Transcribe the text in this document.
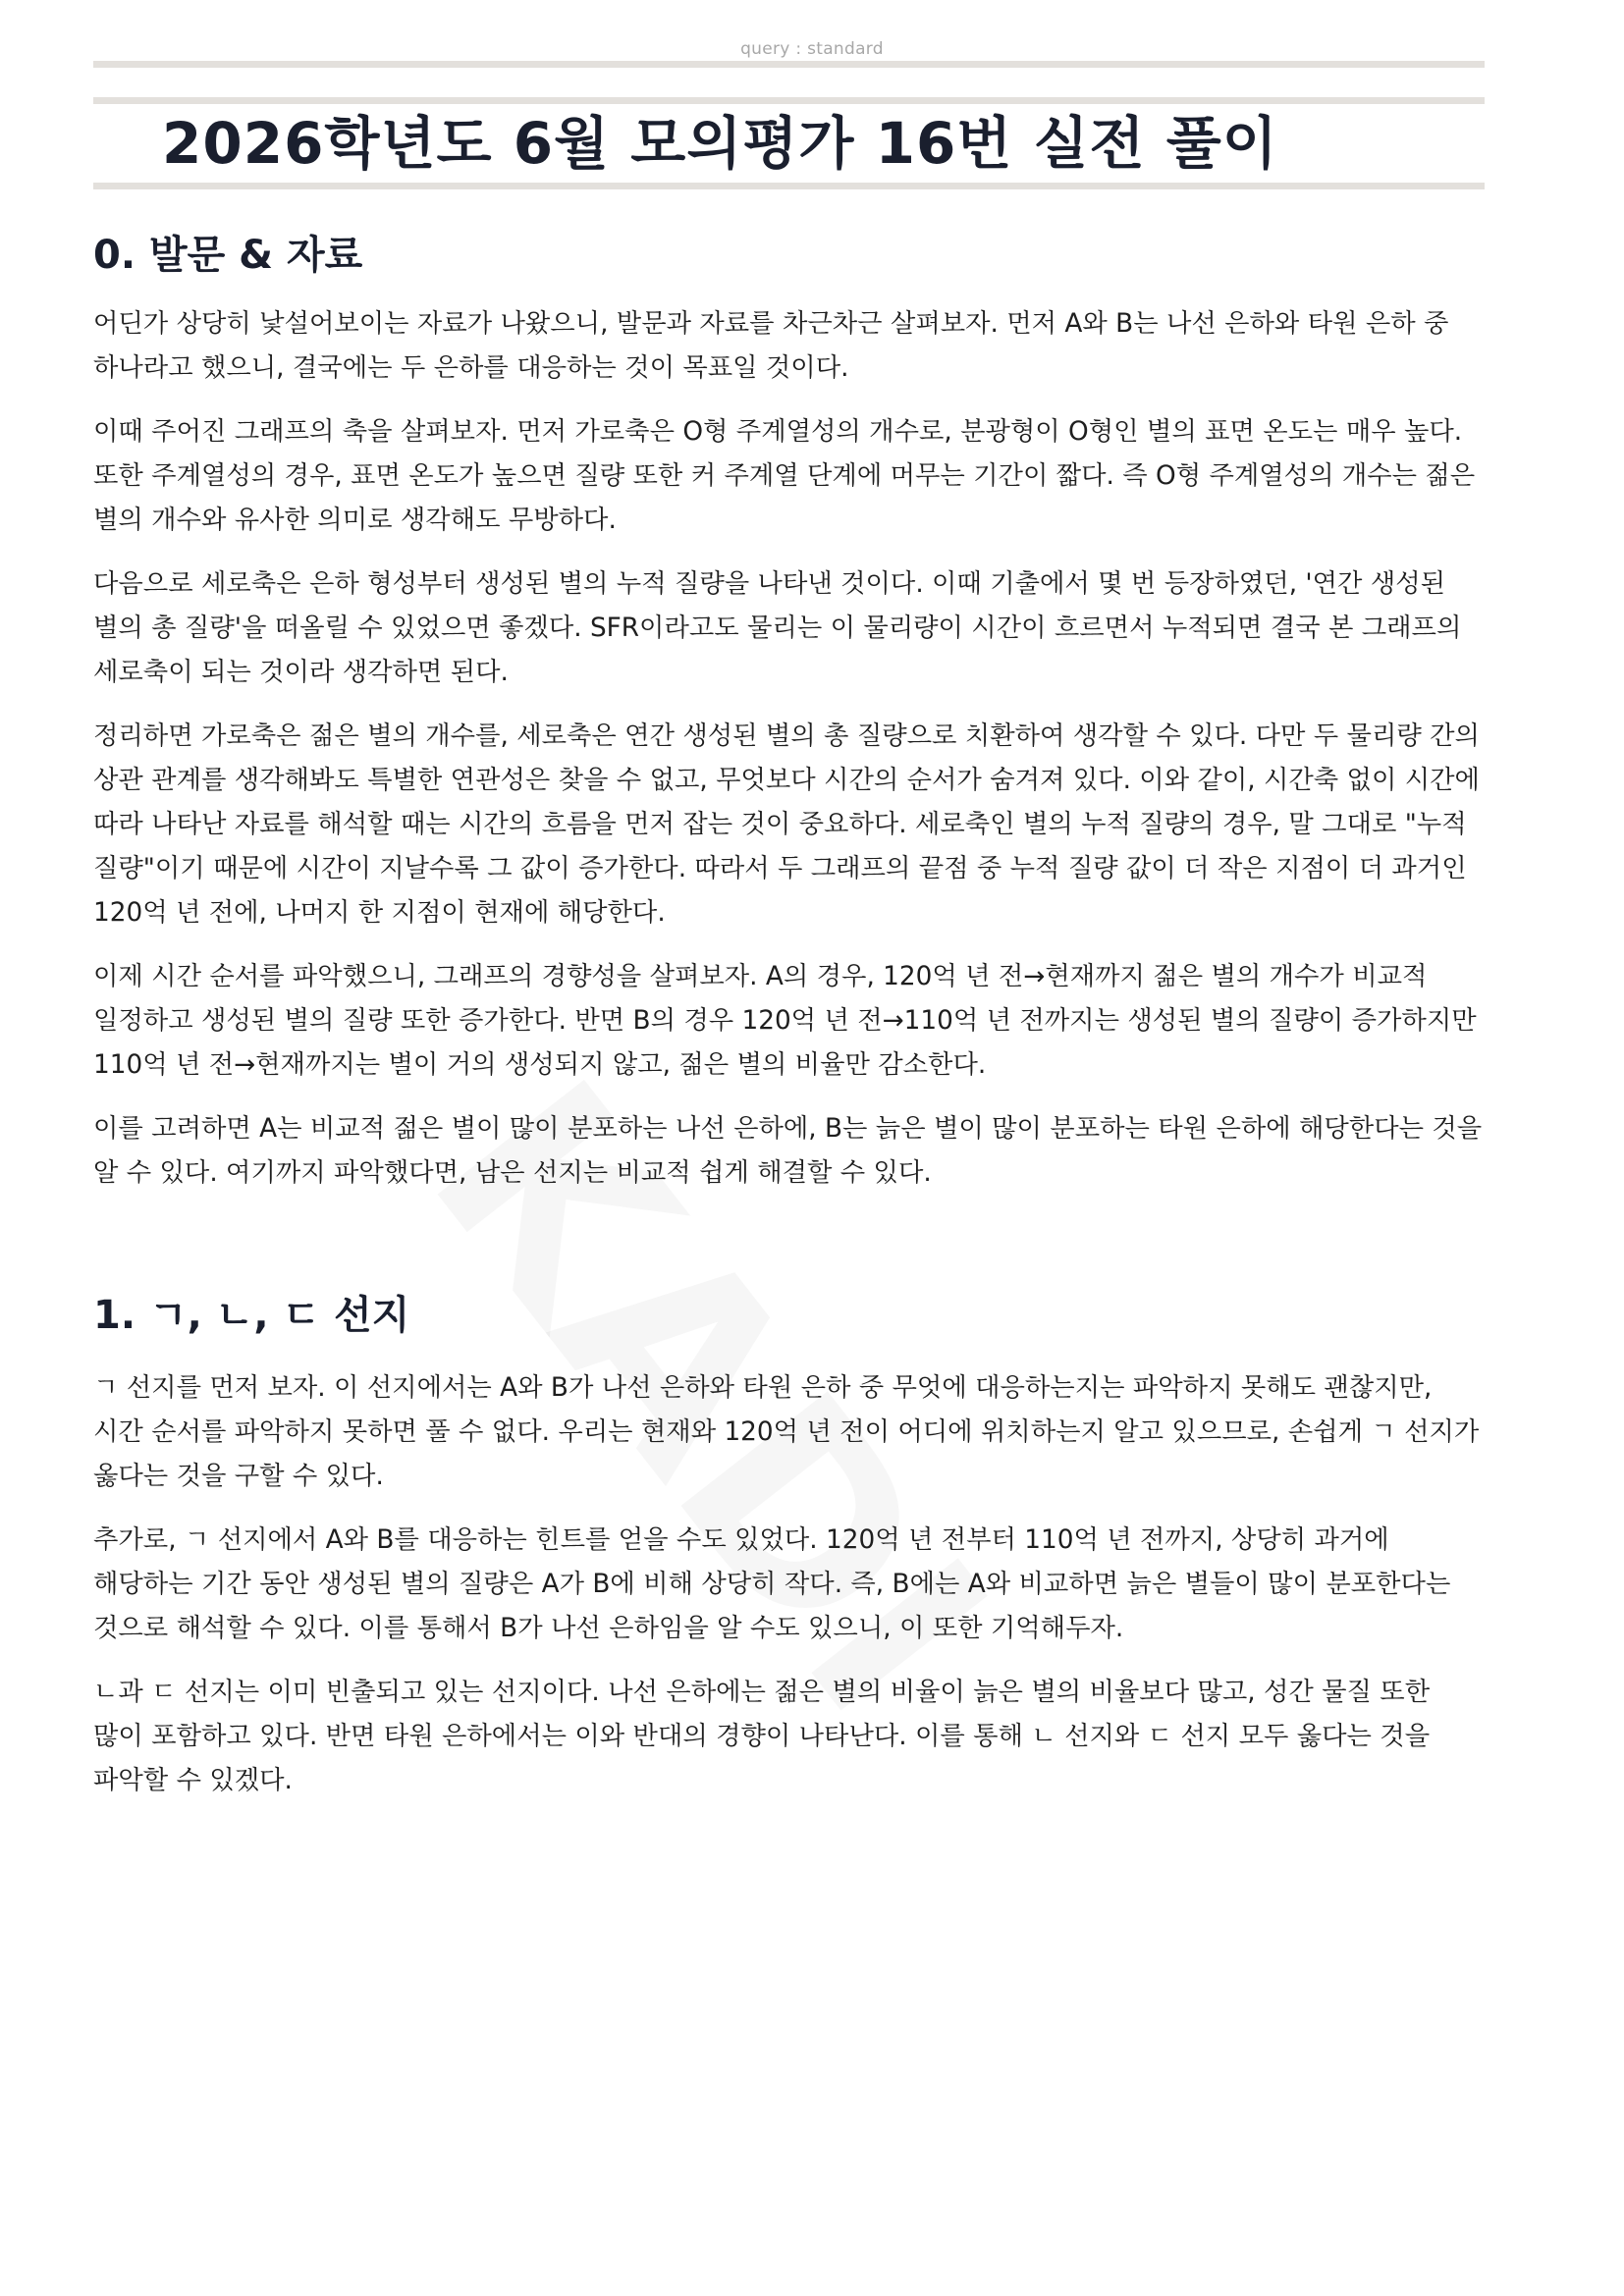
query : standard
2026학년도 6월 모의평가 16번 실전 풀이
0. 발문 & 자료

어딘가 상당히 낯설어보이는 자료가 나왔으니, 발문과 자료를 차근차근 살펴보자. 먼저 A와 B는 나선 은하와 타원 은하 중 하나라고 했으니, 결국에는 두 은하를 대응하는 것이 목표일 것이다.

이때 주어진 그래프의 축을 살펴보자. 먼저 가로축은 O형 주계열성의 개수로, 분광형이 O형인 별의 표면 온도는 매우 높다. 또한 주계열성의 경우, 표면 온도가 높으면 질량 또한 커 주계열 단계에 머무는 기간이 짧다. 즉 O형 주계열성의 개수는 젊은 별의 개수와 유사한 의미로 생각해도 무방하다.

다음으로 세로축은 은하 형성부터 생성된 별의 누적 질량을 나타낸 것이다. 이때 기출에서 몇 번 등장하였던, '연간 생성된 별의 총 질량'을 떠올릴 수 있었으면 좋겠다. SFR이라고도 물리는 이 물리량이 시간이 흐르면서 누적되면 결국 본 그래프의 세로축이 되는 것이라 생각하면 된다.

정리하면 가로축은 젊은 별의 개수를, 세로축은 연간 생성된 별의 총 질량으로 치환하여 생각할 수 있다. 다만 두 물리량 간의 상관 관계를 생각해봐도 특별한 연관성은 찾을 수 없고, 무엇보다 시간의 순서가 숨겨져 있다. 이와 같이, 시간축 없이 시간에 따라 나타난 자료를 해석할 때는 시간의 흐름을 먼저 잡는 것이 중요하다. 세로축인 별의 누적 질량의 경우, 말 그대로 "누적 질량"이기 때문에 시간이 지날수록 그 값이 증가한다. 따라서 두 그래프의 끝점 중 누적 질량 값이 더 작은 지점이 더 과거인 120억 년 전에, 나머지 한 지점이 현재에 해당한다.

이제 시간 순서를 파악했으니, 그래프의 경향성을 살펴보자. A의 경우, 120억 년 전→현재까지 젊은 별의 개수가 비교적 일정하고 생성된 별의 질량 또한 증가한다. 반면 B의 경우 120억 년 전→110억 년 전까지는 생성된 별의 질량이 증가하지만 110억 년 전→현재까지는 별이 거의 생성되지 않고, 젊은 별의 비율만 감소한다.

이를 고려하면 A는 비교적 젊은 별이 많이 분포하는 나선 은하에, B는 늙은 별이 많이 분포하는 타원 은하에 해당한다는 것을 알 수 있다. 여기까지 파악했다면, 남은 선지는 비교적 쉽게 해결할 수 있다.

1. ㄱ, ㄴ, ㄷ 선지

ㄱ 선지를 먼저 보자. 이 선지에서는 A와 B가 나선 은하와 타원 은하 중 무엇에 대응하는지는 파악하지 못해도 괜찮지만, 시간 순서를 파악하지 못하면 풀 수 없다. 우리는 현재와 120억 년 전이 어디에 위치하는지 알고 있으므로, 손쉽게 ㄱ 선지가 옳다는 것을 구할 수 있다.

추가로, ㄱ 선지에서 A와 B를 대응하는 힌트를 얻을 수도 있었다. 120억 년 전부터 110억 년 전까지, 상당히 과거에 해당하는 기간 동안 생성된 별의 질량은 A가 B에 비해 상당히 작다. 즉, B에는 A와 비교하면 늙은 별들이 많이 분포한다는 것으로 해석할 수 있다. 이를 통해서 B가 나선 은하임을 알 수도 있으니, 이 또한 기억해두자.

ㄴ과 ㄷ 선지는 이미 빈출되고 있는 선지이다. 나선 은하에는 젊은 별의 비율이 늙은 별의 비율보다 많고, 성간 물질 또한 많이 포함하고 있다. 반면 타원 은하에서는 이와 반대의 경향이 나타난다. 이를 통해 ㄴ 선지와 ㄷ 선지 모두 옳다는 것을 파악할 수 있겠다.
